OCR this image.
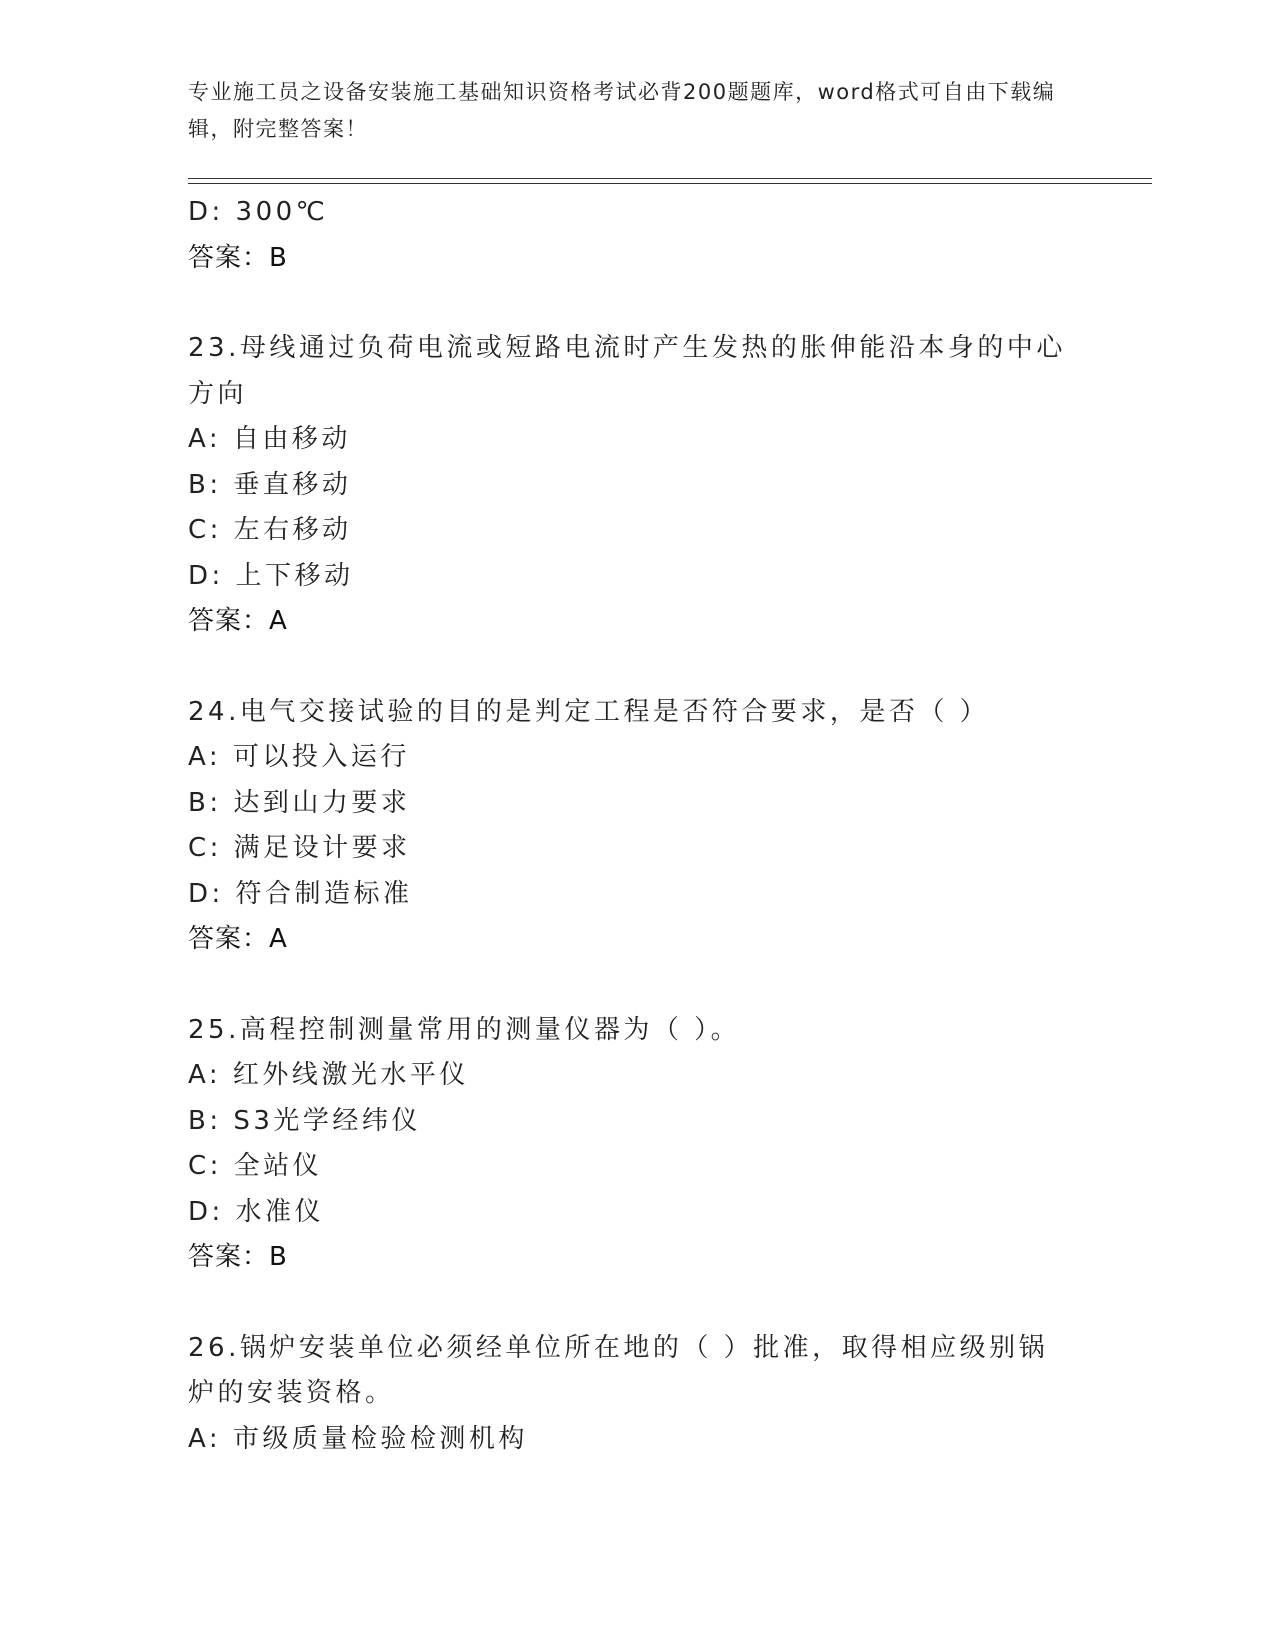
专业施工员之设备安装施工基础知识资格考试必背200题题库，word格式可自由下载编辑，附完整答案！
D: 300℃
答案：B
23.母线通过负荷电流或短路电流时产生发热的胀伸能沿本身的中心方向
A: 自由移动
B: 垂直移动
C: 左右移动
D: 上下移动
答案：A
24.电气交接试验的目的是判定工程是否符合要求，是否（ ）
A: 可以投入运行
B: 达到山力要求
C: 满足设计要求
D: 符合制造标准
答案：A
25.高程控制测量常用的测量仪器为（ ）。
A: 红外线激光水平仪
B: S3光学经纬仪
C: 全站仪
D: 水准仪
答案：B
26.锅炉安装单位必须经单位所在地的（ ）批准，取得相应级别锅炉的安装资格。
A: 市级质量检验检测机构
